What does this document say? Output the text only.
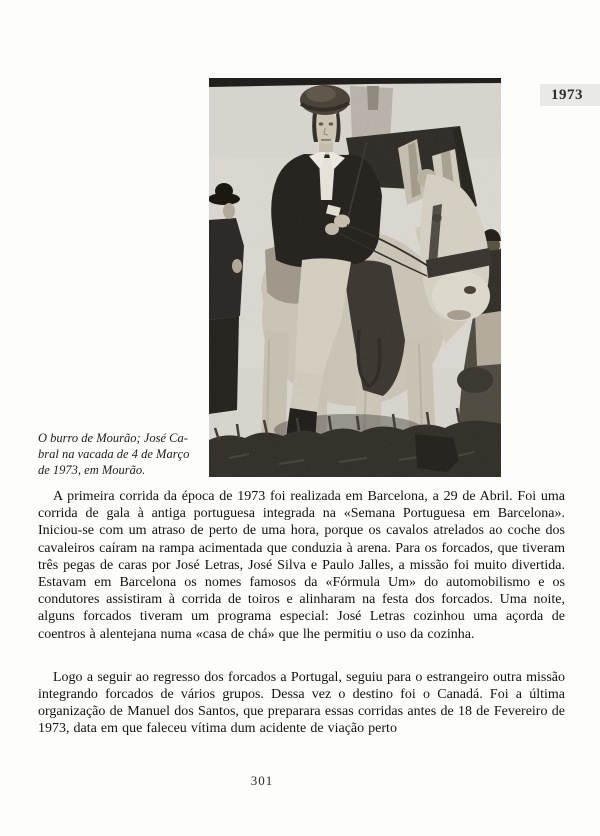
1973
O burro de Mourão; José Ca-
bral na vacada de 4 de Março
de 1973, em Mourão.

A primeira corrida da época de 1973 foi realizada em Barcelona, a 29 de Abril. Foi uma corrida de gala à antiga portuguesa integrada na «Semana Portuguesa em Barcelona». Iniciou-se com um atraso de perto de uma hora, porque os cavalos atrelados ao coche dos cavaleiros caíram na rampa acimentada que conduzia à arena. Para os forcados, que tiveram três pegas de caras por José Letras, José Silva e Paulo Jalles, a missão foi muito divertida. Estavam em Barcelona os nomes famosos da «Fórmula Um» do automobilismo e os condutores assistiram à corrida de toiros e alinharam na festa dos forcados. Uma noite, alguns forcados tiveram um programa especial: José Letras cozinhou uma açorda de coentros à alentejana numa «casa de chá» que lhe permitiu o uso da cozinha.

Logo a seguir ao regresso dos forcados a Portugal, seguiu para o estrangeiro outra missão integrando forcados de vários grupos. Dessa vez o destino foi o Canadá. Foi a última organização de Manuel dos Santos, que preparara essas corridas antes de 18 de Fevereiro de 1973, data em que faleceu vítima dum acidente de viação perto

301
